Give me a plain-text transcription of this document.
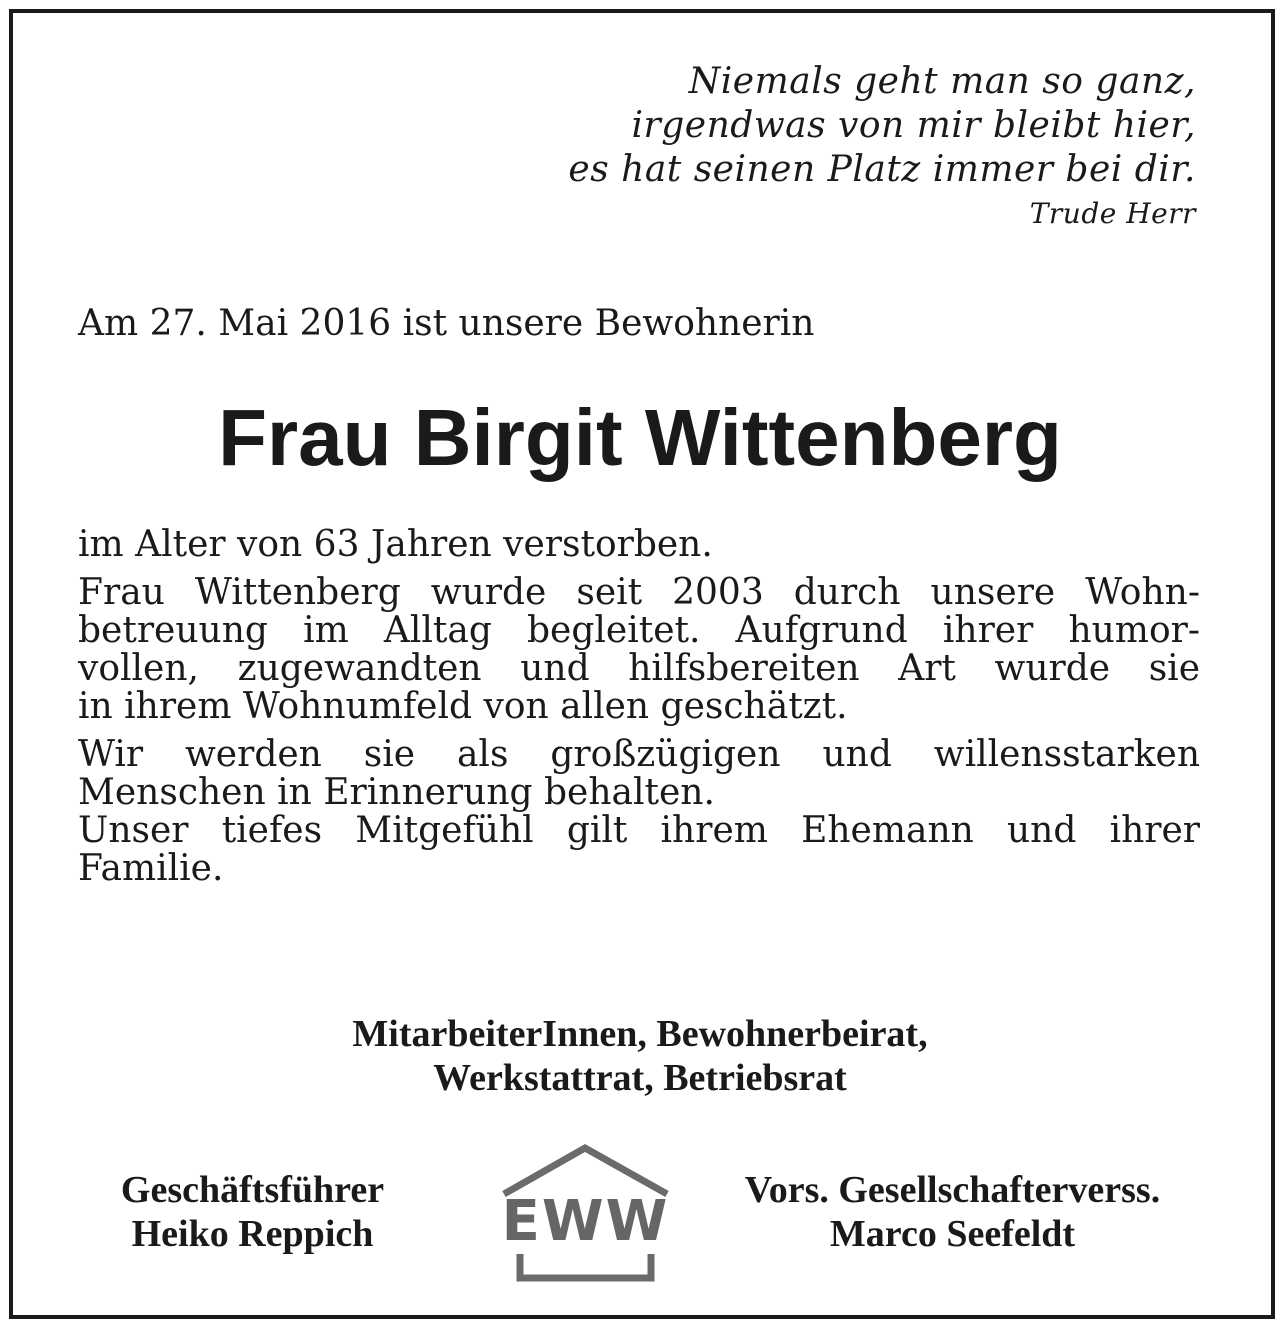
Niemals geht man so ganz,
irgendwas von mir bleibt hier,
es hat seinen Platz immer bei dir.
Trude Herr
Am 27. Mai 2016 ist unsere Bewohnerin
Frau Birgit Wittenberg

im Alter von 63 Jahren verstorben.

Frau Wittenberg wurde seit 2003 durch unsere Wohn-
betreuung im Alltag begleitet. Aufgrund ihrer humor-
vollen, zugewandten und hilfsbereiten Art wurde sie
in ihrem Wohnumfeld von allen geschätzt.

Wir werden sie als großzügigen und willensstarken
Menschen in Erinnerung behalten.

Unser tiefes Mitgefühl gilt ihrem Ehemann und ihrer
Familie.

MitarbeiterInnen, Bewohnerbeirat,
Werkstattrat, Betriebsrat
Geschäftsführer
Heiko Reppich	EWW	Vors. Gesellschafterverss.
Marco Seefeldt
